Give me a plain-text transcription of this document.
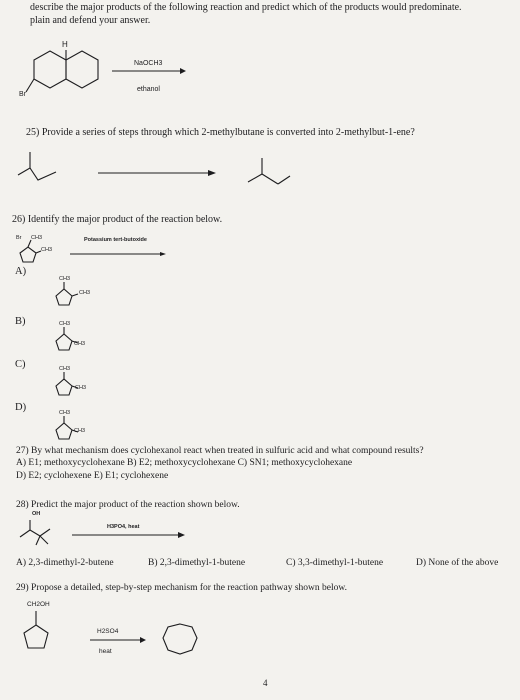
describe the major products of the following reaction and predict which of the products would predominate.
plain and defend your answer.
H
Br
NaOCH3
ethanol
25) Provide a series of steps through which 2-methylbutane is converted into 2-methylbut-1-ene?
26) Identify the major product of the reaction below.
Potassium tert-butoxide
Br CH3
CH3
A)
CH3
CH3
B)	CH3
CH3
C)	CH3
CH3
D)	CH3
CH3
27) By what mechanism does cyclohexanol react when treated in sulfuric acid and what compound results?
A) E1; methoxycyclohexane B) E2; methoxycyclohexane C) SN1; methoxycyclohexane
D) E2; cyclohexene E) E1; cyclohexene
28) Predict the major product of the reaction shown below.
OH
H3PO4, heat
A) 2,3-dimethyl-2-butene	B) 2,3-dimethyl-1-butene	C) 3,3-dimethyl-1-butene	D) None of the above
29) Propose a detailed, step-by-step mechanism for the reaction pathway shown below.
CH2OH
H2SO4
heat
4
